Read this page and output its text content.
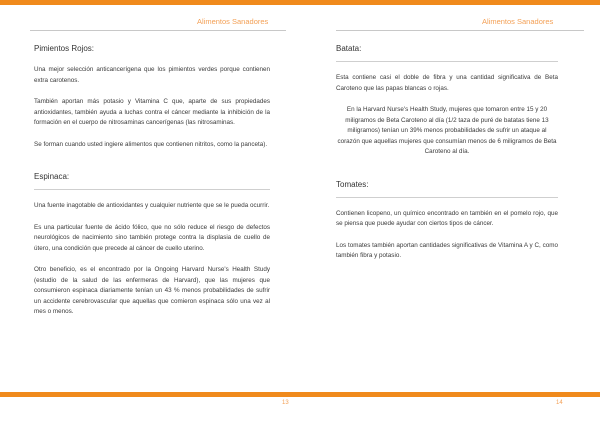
Alimentos Sanadores	Alimentos Sanadores
Pimientos Rojos:

Una mejor selección anticancerígena que los pimientos verdes porque contienen extra carotenos.

También aportan más potasio y Vitamina C que, aparte de sus propiedades antioxidantes, también ayuda a luchas contra el cáncer mediante la inhibición de la formación en el cuerpo de nitrosaminas cancerígenas (las nitrosaminas.

Se forman cuando usted ingiere alimentos que contienen nitritos, como la panceta).

Espinaca:

Una fuente inagotable de antioxidantes y cualquier nutriente que se le pueda ocurrir.

Es una particular fuente de ácido fólico, que no sólo reduce el riesgo de defectos neurológicos de nacimiento sino también protege contra la displasia de cuello de útero, una condición que precede al cáncer de cuello uterino.

Otro beneficio, es el encontrado por la Ongoing Harvard Nurse's Health Study (estudio de la salud de las enfermeras de Harvard), que las mujeres que consumieron espinaca diariamente tenían un 43 % menos probabilidades de sufrir un accidente cerebrovascular que aquellas que comieron espinaca sólo una vez al mes o menos.

Batata:

Esta contiene casi el doble de fibra y una cantidad significativa de Beta Caroteno que las papas blancas o rojas.

En la Harvard Nurse's Health Study, mujeres que tomaron entre 15 y 20 miligramos de Beta Caroteno al día (1/2 taza de puré de batatas tiene 13 miligramos) tenían un 39% menos probabilidades de sufrir un ataque al corazón que aquellas mujeres que consumían menos de 6 miligramos de Beta Caroteno al día.

Tomates:

Contienen licopeno, un químico encontrado en también en el pomelo rojo, que se piensa que puede ayudar con ciertos tipos de cáncer.

Los tomates también aportan cantidades significativas de Vitamina A y C, como también fibra y potasio.

13	14
